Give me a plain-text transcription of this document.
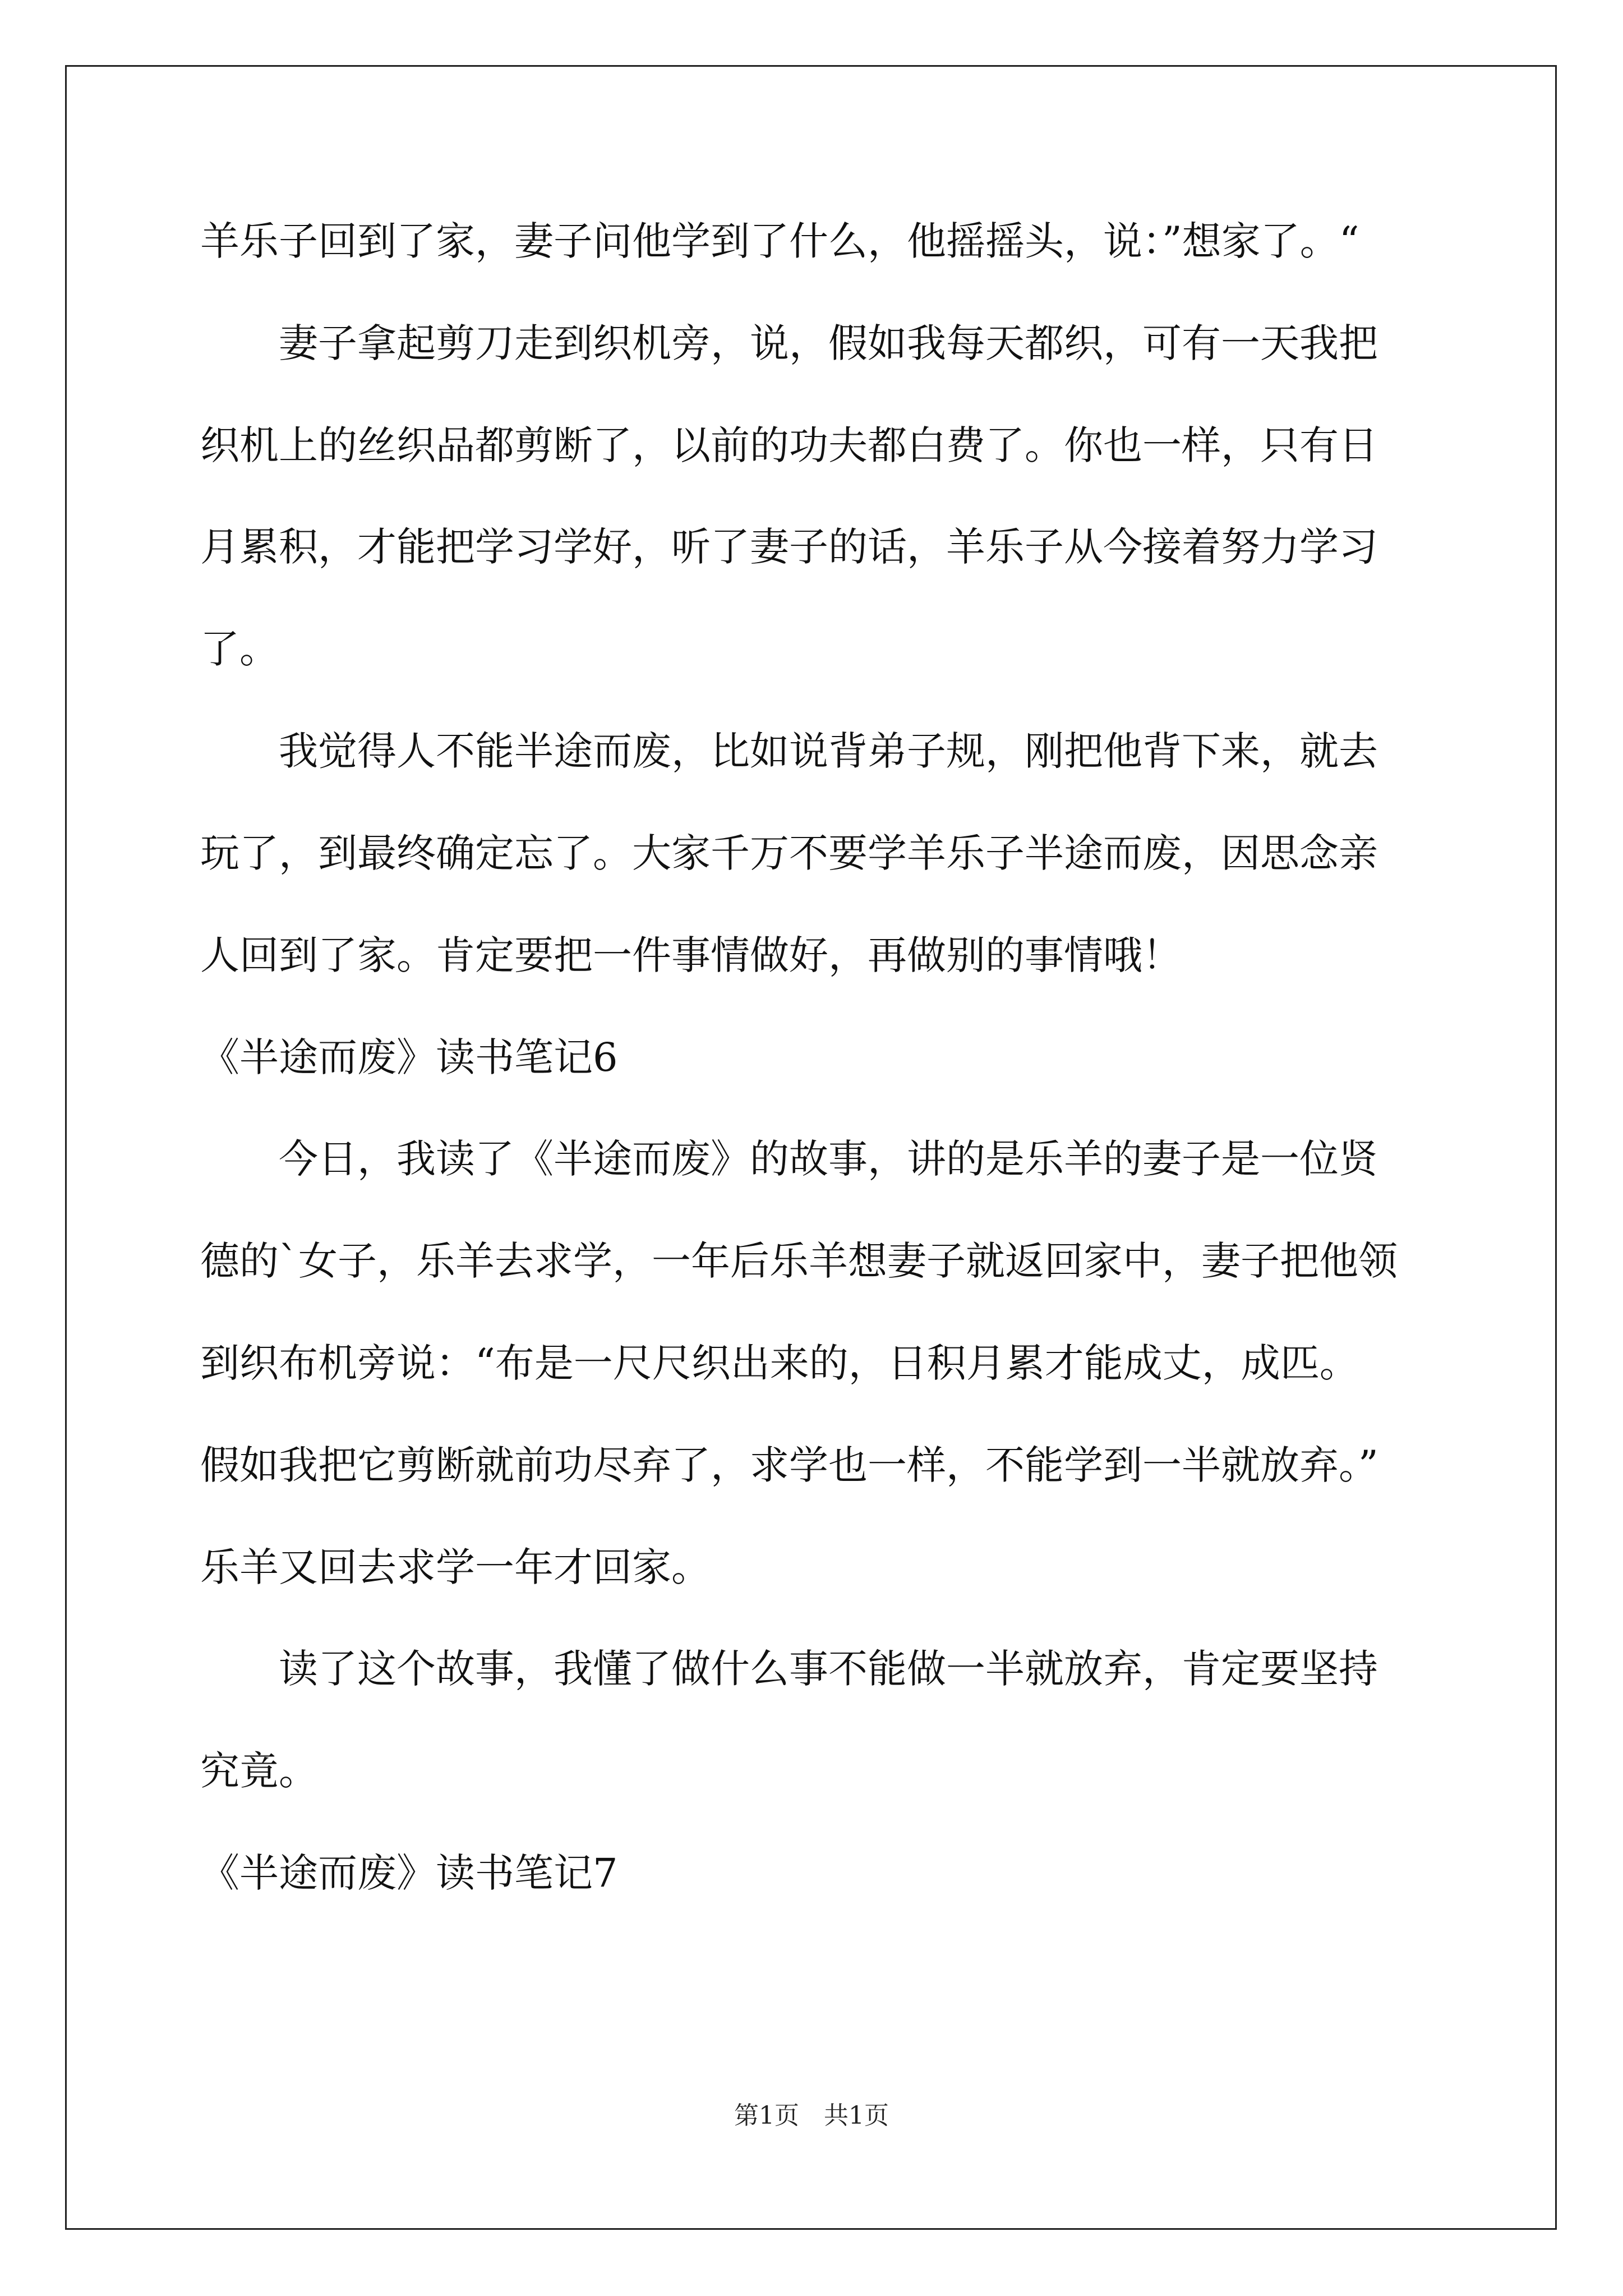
羊乐子回到了家，妻子问他学到了什么，他摇摇头，说：”想家了。“
　　妻子拿起剪刀走到织机旁，说，假如我每天都织，可有一天我把
织机上的丝织品都剪断了，以前的功夫都白费了。你也一样，只有日
月累积，才能把学习学好，听了妻子的话，羊乐子从今接着努力学习
了。
　　我觉得人不能半途而废，比如说背弟子规，刚把他背下来，就去
玩了，到最终确定忘了。大家千万不要学羊乐子半途而废，因思念亲
人回到了家。肯定要把一件事情做好，再做别的事情哦！
《半途而废》读书笔记6
　　今日，我读了《半途而废》的故事，讲的是乐羊的妻子是一位贤
德的`女子，乐羊去求学，一年后乐羊想妻子就返回家中，妻子把他领
到织布机旁说：“布是一尺尺织出来的，日积月累才能成丈，成匹。
假如我把它剪断就前功尽弃了，求学也一样，不能学到一半就放弃。”
乐羊又回去求学一年才回家。
　　读了这个故事，我懂了做什么事不能做一半就放弃，肯定要坚持
究竟。
《半途而废》读书笔记7
第1页　共1页
